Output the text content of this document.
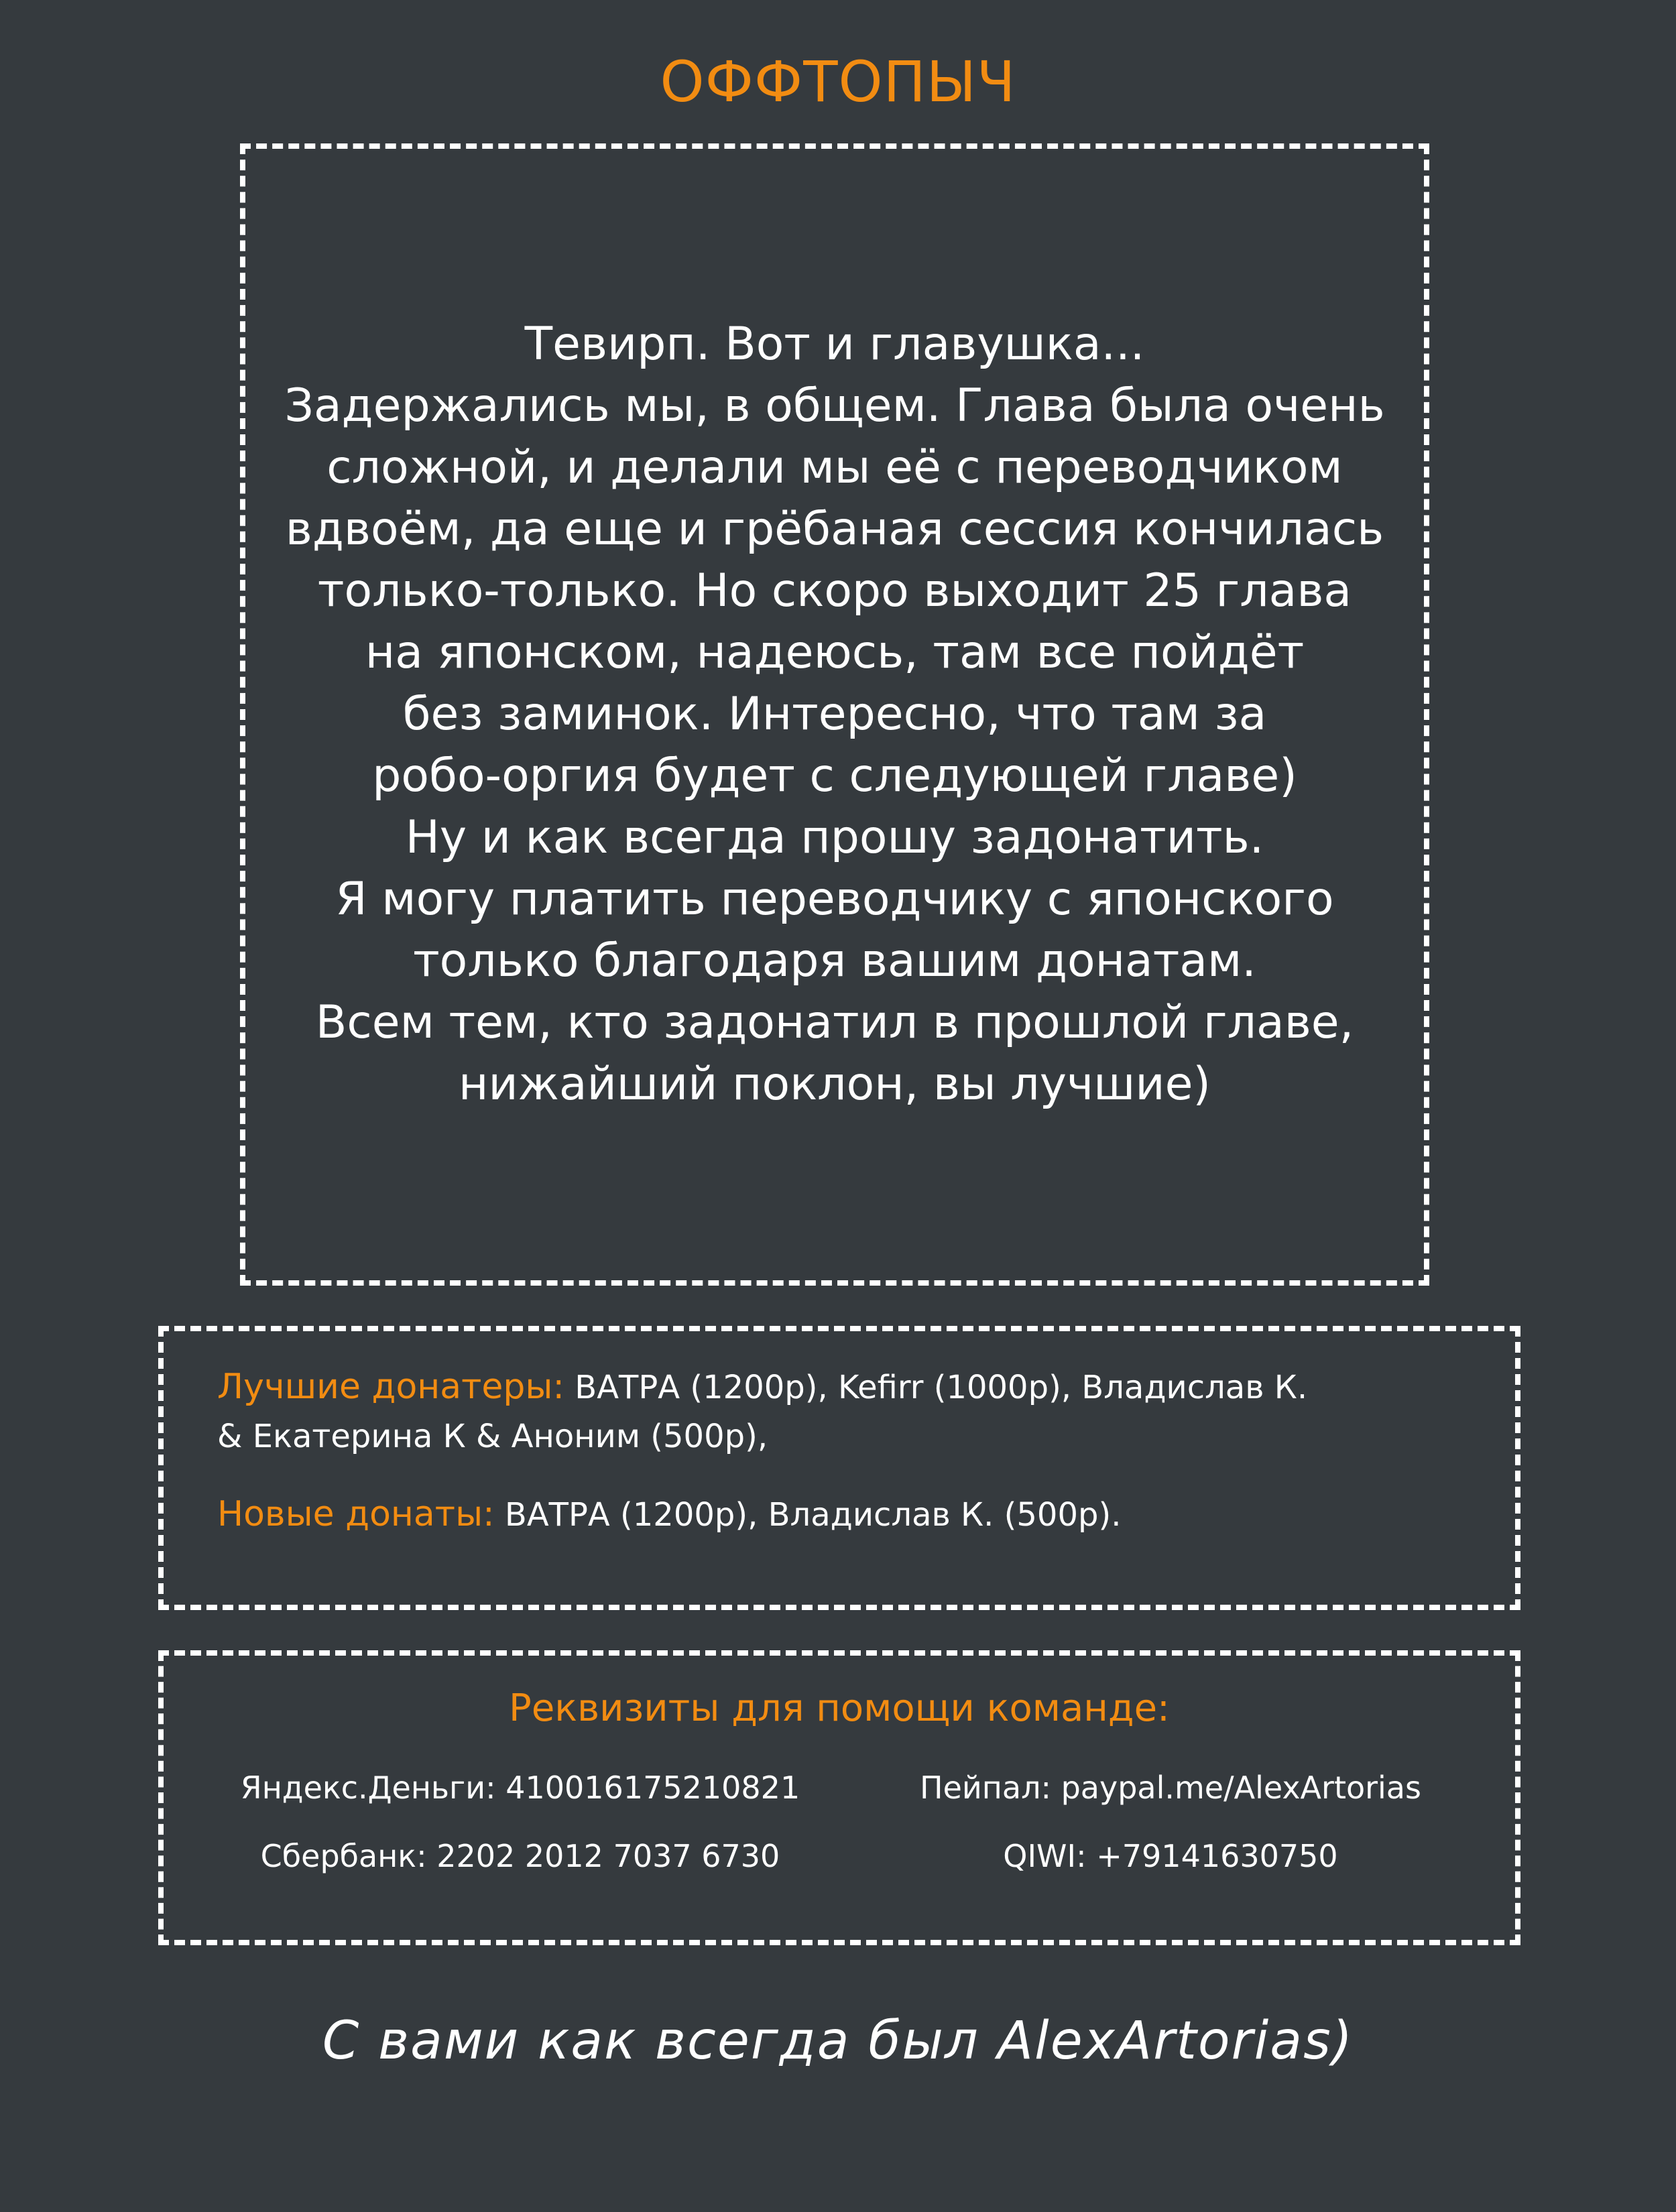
ОФФТОПЫЧ
Тевирп. Вот и главушка...
Задержались мы, в общем. Глава была очень
сложной, и делали мы её с переводчиком
вдвоём, да еще и грёбаная сессия кончилась
только-только. Но скоро выходит 25 глава
на японском, надеюсь, там все пойдёт
без заминок. Интересно, что там за
робо-оргия будет с следующей главе)
Ну и как всегда прошу задонатить.
Я могу платить переводчику с японского
только благодаря вашим донатам.
Всем тем, кто задонатил в прошлой главе,
нижайший поклон, вы лучшие)
Лучшие донатеры: ВАТРА (1200р), Kefirr (1000р), Владислав К.
& Екатерина К & Аноним (500р),
Новые донаты: ВАТРА (1200р), Владислав К. (500р).
Реквизиты для помощи команде:
Яндекс.Деньги: 410016175210821	Пейпал: paypal.me/AlexArtorias
Сбербанк: 2202 2012 7037 6730	QIWI: +79141630750
С вами как всегда был AlexArtorias)
